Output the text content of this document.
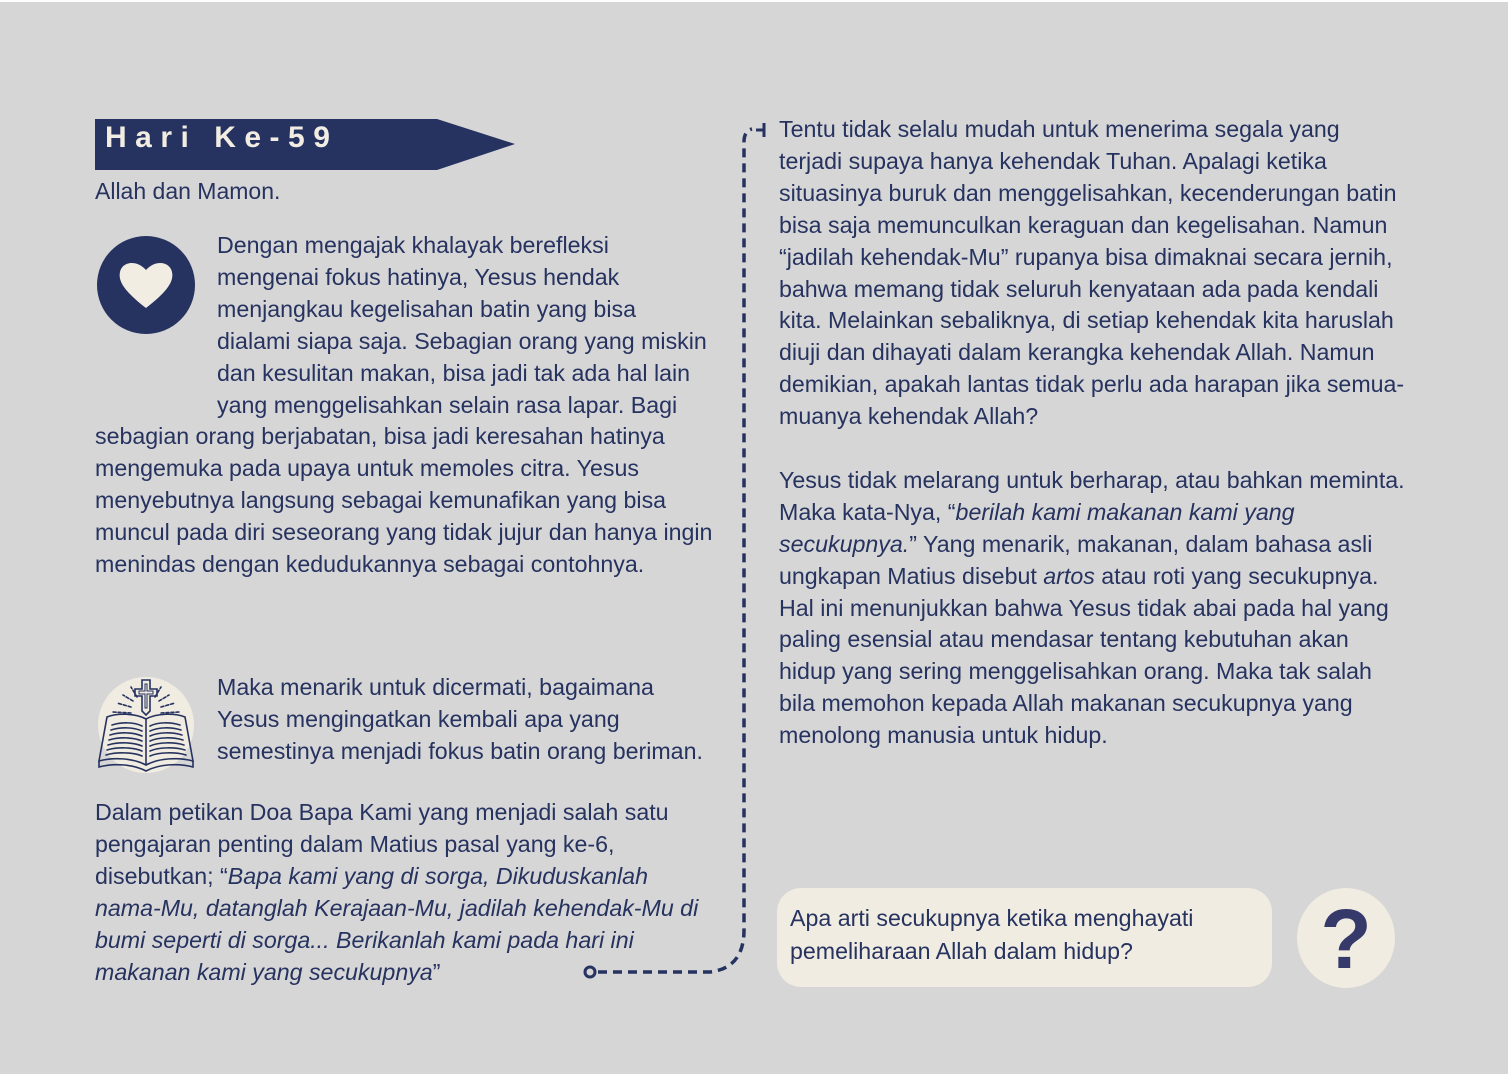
Hari Ke-59
Allah dan Mamon.

Dengan mengajak khalayak berefleksi mengenai fokus hatinya, Yesus hendak menjangkau kegelisahan batin yang bisa dialami siapa saja. Sebagian orang yang miskin dan kesulitan makan, bisa jadi tak ada hal lain yang menggelisahkan selain rasa lapar. Bagi sebagian orang berjabatan, bisa jadi keresahan hatinya mengemuka pada upaya untuk memoles citra. Yesus menyebutnya langsung sebagai kemunafikan yang bisa muncul pada diri seseorang yang tidak jujur dan hanya ingin menindas dengan kedudukannya sebagai contohnya.

Maka menarik untuk dicermati, bagaimana Yesus mengingatkan kembali apa yang semestinya menjadi fokus batin orang beriman.

Dalam petikan Doa Bapa Kami yang menjadi salah satu pengajaran penting dalam Matius pasal yang ke-6, disebutkan; “Bapa kami yang di sorga, Dikuduskanlah nama-Mu, datanglah Kerajaan-Mu, jadilah kehendak-Mu di bumi seperti di sorga... Berikanlah kami pada hari ini makanan kami yang secukupnya”

Tentu tidak selalu mudah untuk menerima segala yang terjadi supaya hanya kehendak Tuhan. Apalagi ketika situasinya buruk dan menggelisahkan, kecenderungan batin bisa saja memunculkan keraguan dan kegelisahan. Namun “jadilah kehendak-Mu” rupanya bisa dimaknai secara jernih, bahwa memang tidak seluruh kenyataan ada pada kendali kita. Melainkan sebaliknya, di setiap kehendak kita haruslah diuji dan dihayati dalam kerangka kehendak Allah. Namun demikian, apakah lantas tidak perlu ada harapan jika semua-muanya kehendak Allah?

Yesus tidak melarang untuk berharap, atau bahkan meminta. Maka kata-Nya, “berilah kami makanan kami yang secukupnya.” Yang menarik, makanan, dalam bahasa asli ungkapan Matius disebut artos atau roti yang secukupnya. Hal ini menunjukkan bahwa Yesus tidak abai pada hal yang paling esensial atau mendasar tentang kebutuhan akan hidup yang sering menggelisahkan orang. Maka tak salah bila memohon kepada Allah makanan secukupnya yang menolong manusia untuk hidup.

Apa arti secukupnya ketika menghayati pemeliharaan Allah dalam hidup?	?
